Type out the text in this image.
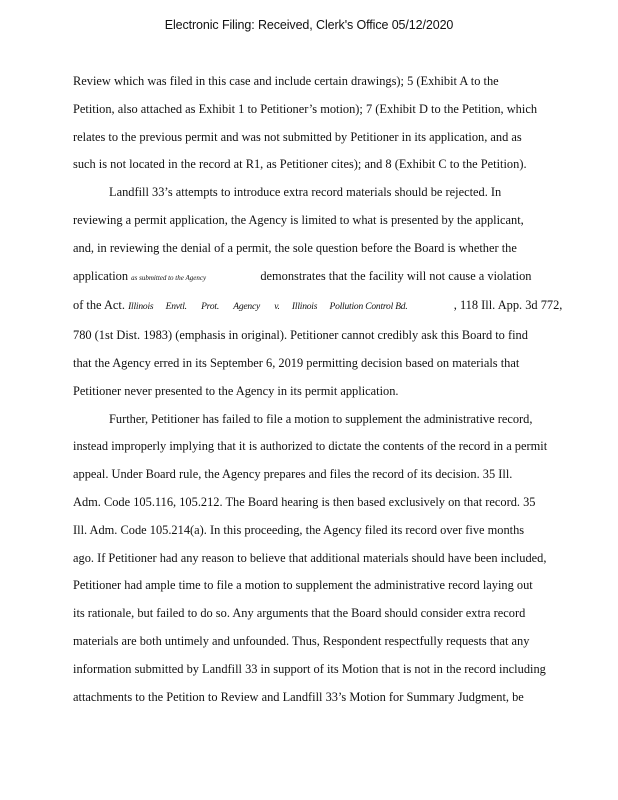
Electronic Filing: Received, Clerk's Office 05/12/2020
Review which was filed in this case and include certain drawings); 5 (Exhibit A to the
Petition, also attached as Exhibit 1 to Petitioner’s motion); 7 (Exhibit D to the Petition, which
relates to the previous permit and was not submitted by Petitioner in its application, and as
such is not located in the record at R1, as Petitioner cites); and 8 (Exhibit C to the Petition).
Landfill 33’s attempts to introduce extra record materials should be rejected. In
reviewing a permit application, the Agency is limited to what is presented by the applicant,
and, in reviewing the denial of a permit, the sole question before the Board is whether the
application as submitted to the Agency	demonstrates that the facility will not cause a violation
of the Act. Illinois Envtl. Prot. Agency v. Illinois Pollution Control Bd.	, 118 Ill. App. 3d 772,
780 (1st Dist. 1983) (emphasis in original). Petitioner cannot credibly ask this Board to find
that the Agency erred in its September 6, 2019 permitting decision based on materials that
Petitioner never presented to the Agency in its permit application.
Further, Petitioner has failed to file a motion to supplement the administrative record,
instead improperly implying that it is authorized to dictate the contents of the record in a permit
appeal. Under Board rule, the Agency prepares and files the record of its decision. 35 Ill.
Adm. Code 105.116, 105.212. The Board hearing is then based exclusively on that record. 35
Ill. Adm. Code 105.214(a). In this proceeding, the Agency filed its record over five months
ago. If Petitioner had any reason to believe that additional materials should have been included,
Petitioner had ample time to file a motion to supplement the administrative record laying out
its rationale, but failed to do so. Any arguments that the Board should consider extra record
materials are both untimely and unfounded. Thus, Respondent respectfully requests that any
information submitted by Landfill 33 in support of its Motion that is not in the record including
attachments to the Petition to Review and Landfill 33’s Motion for Summary Judgment, be
